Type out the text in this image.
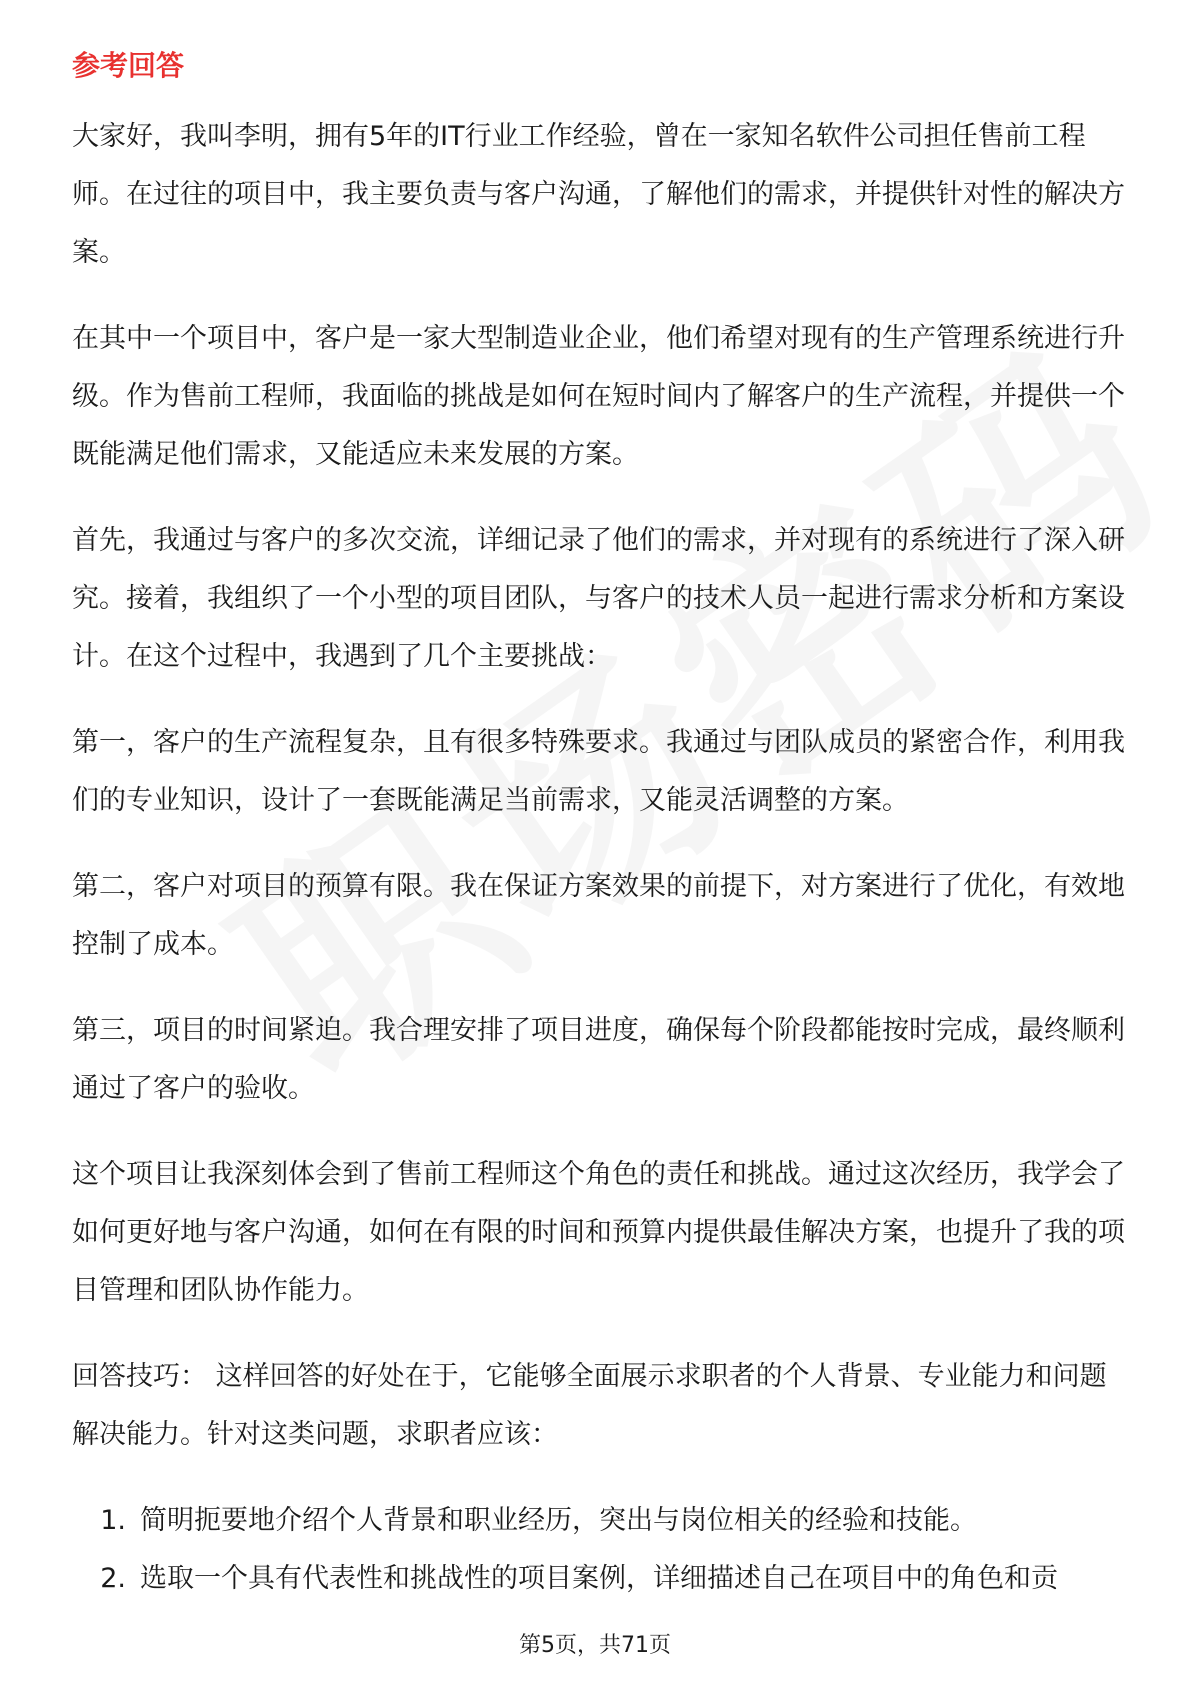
参考回答

大家好，我叫李明，拥有5年的IT行业工作经验，曾在一家知名软件公司担任售前工程师。在过往的项目中，我主要负责与客户沟通，了解他们的需求，并提供针对性的解决方案。

在其中一个项目中，客户是一家大型制造业企业，他们希望对现有的生产管理系统进行升级。作为售前工程师，我面临的挑战是如何在短时间内了解客户的生产流程，并提供一个既能满足他们需求，又能适应未来发展的方案。

首先，我通过与客户的多次交流，详细记录了他们的需求，并对现有的系统进行了深入研究。接着，我组织了一个小型的项目团队，与客户的技术人员一起进行需求分析和方案设计。在这个过程中，我遇到了几个主要挑战：

第一，客户的生产流程复杂，且有很多特殊要求。我通过与团队成员的紧密合作，利用我们的专业知识，设计了一套既能满足当前需求，又能灵活调整的方案。

第二，客户对项目的预算有限。我在保证方案效果的前提下，对方案进行了优化，有效地控制了成本。

第三，项目的时间紧迫。我合理安排了项目进度，确保每个阶段都能按时完成，最终顺利通过了客户的验收。

这个项目让我深刻体会到了售前工程师这个角色的责任和挑战。通过这次经历，我学会了如何更好地与客户沟通，如何在有限的时间和预算内提供最佳解决方案，也提升了我的项目管理和团队协作能力。

回答技巧： 这样回答的好处在于，它能够全面展示求职者的个人背景、专业能力和问题解决能力。针对这类问题，求职者应该：

1. 简明扼要地介绍个人背景和职业经历，突出与岗位相关的经验和技能。
2. 选取一个具有代表性和挑战性的项目案例，详细描述自己在项目中的角色和贡
第5页，共71页
